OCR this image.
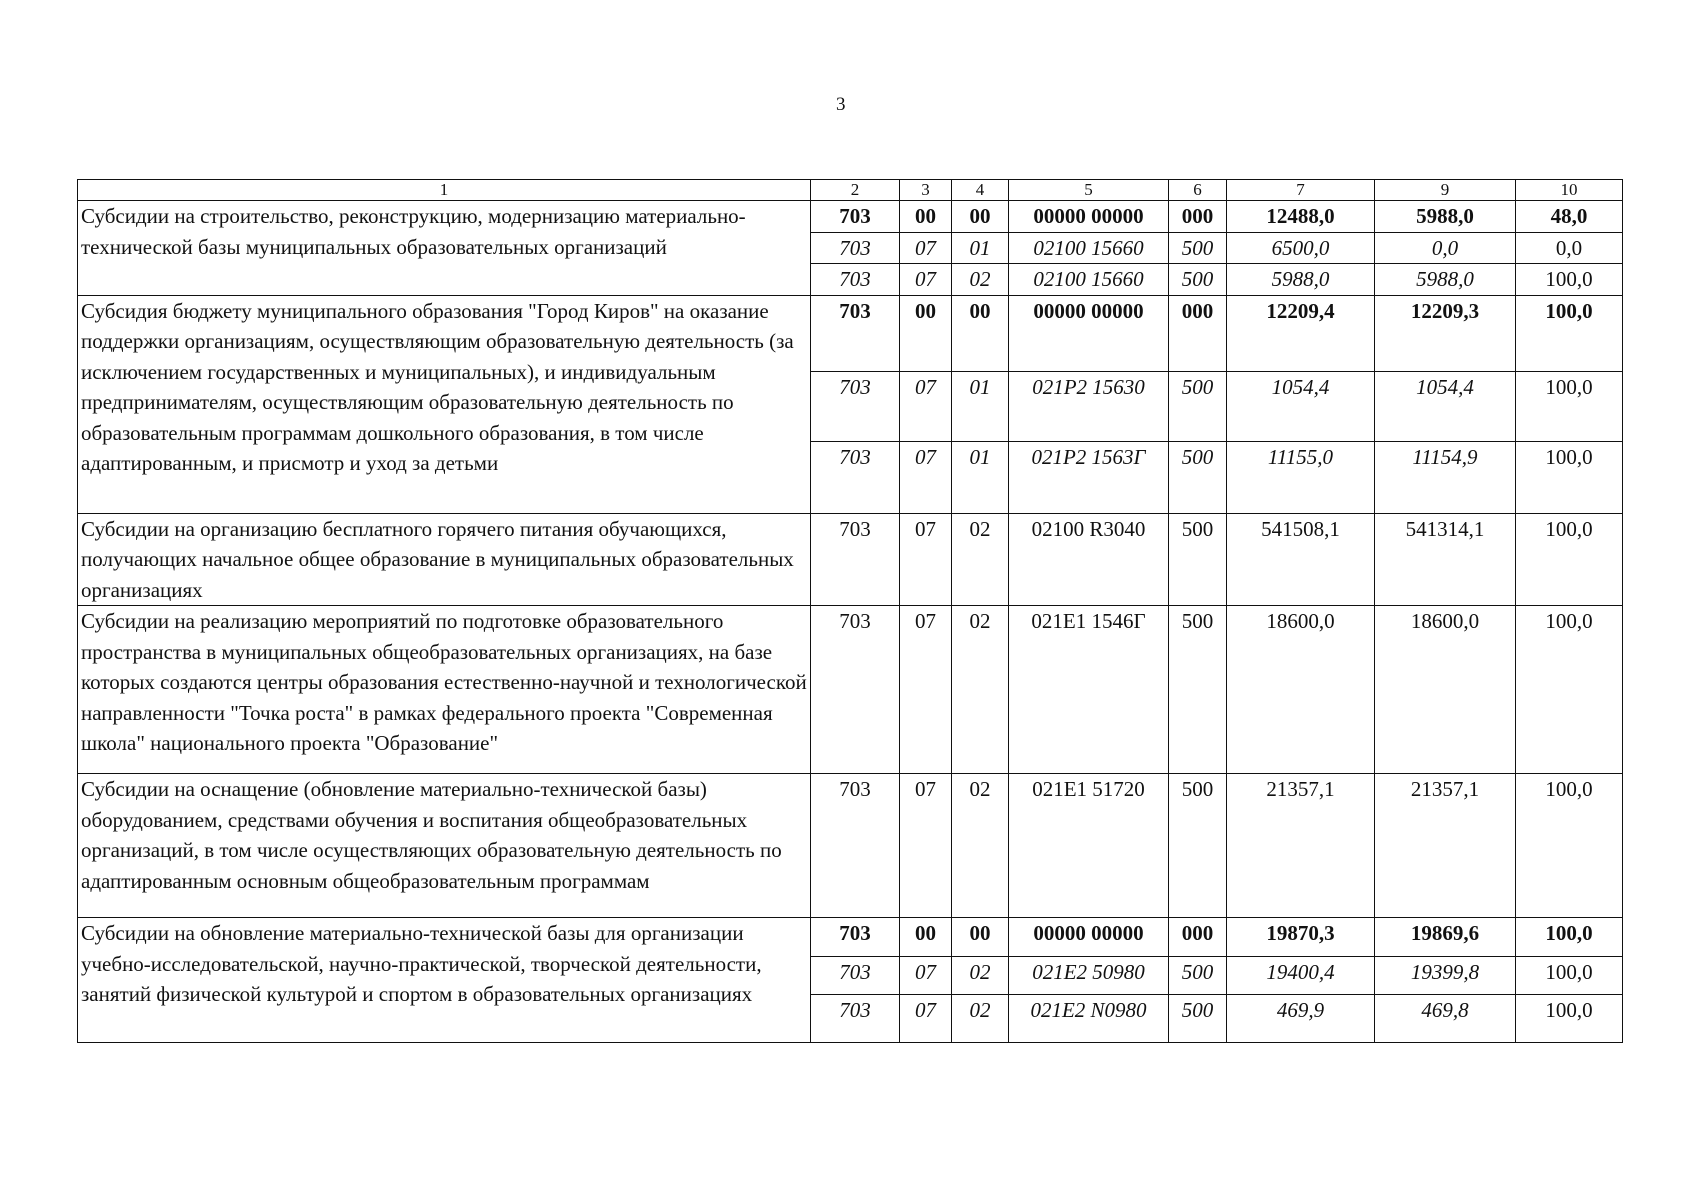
3
1	2	3	4	5	6	7	9	10
Субсидии на строительство, реконструкцию, модернизацию материально-технической базы муниципальных образовательных организаций	703	00	00	00000 00000	000	12488,0	5988,0	48,0
	703	07	01	02100 15660	500	6500,0	0,0	0,0
	703	07	02	02100 15660	500	5988,0	5988,0	100,0
Субсидия бюджету муниципального образования "Город Киров" на оказание поддержки организациям, осуществляющим образовательную деятельность (за исключением государственных и муниципальных), и индивидуальным предпринимателям, осуществляющим образовательную деятельность по образовательным программам дошкольного образования, в том числе адаптированным, и присмотр и уход за детьми	703	00	00	00000 00000	000	12209,4	12209,3	100,0
	703	07	01	021P2 15630	500	1054,4	1054,4	100,0
	703	07	01	021P2 1563Г	500	11155,0	11154,9	100,0
Субсидии на организацию бесплатного горячего питания обучающихся, получающих начальное общее образование в муниципальных образовательных организациях	703	07	02	02100 R3040	500	541508,1	541314,1	100,0
Субсидии на реализацию мероприятий по подготовке образовательного пространства в муниципальных общеобразовательных организациях, на базе которых создаются центры образования естественно-научной и технологической направленности "Точка роста" в рамках федерального проекта "Современная школа" национального проекта "Образование"	703	07	02	021E1 1546Г	500	18600,0	18600,0	100,0
Субсидии на оснащение (обновление материально-технической базы) оборудованием, средствами обучения и воспитания общеобразовательных организаций, в том числе осуществляющих образовательную деятельность по адаптированным основным общеобразовательным программам	703	07	02	021E1 51720	500	21357,1	21357,1	100,0
Субсидии на обновление материально-технической базы для организации учебно-исследовательской, научно-практической, творческой деятельности, занятий физической культурой и спортом в образовательных организациях	703	00	00	00000 00000	000	19870,3	19869,6	100,0
	703	07	02	021E2 50980	500	19400,4	19399,8	100,0
	703	07	02	021E2 N0980	500	469,9	469,8	100,0
